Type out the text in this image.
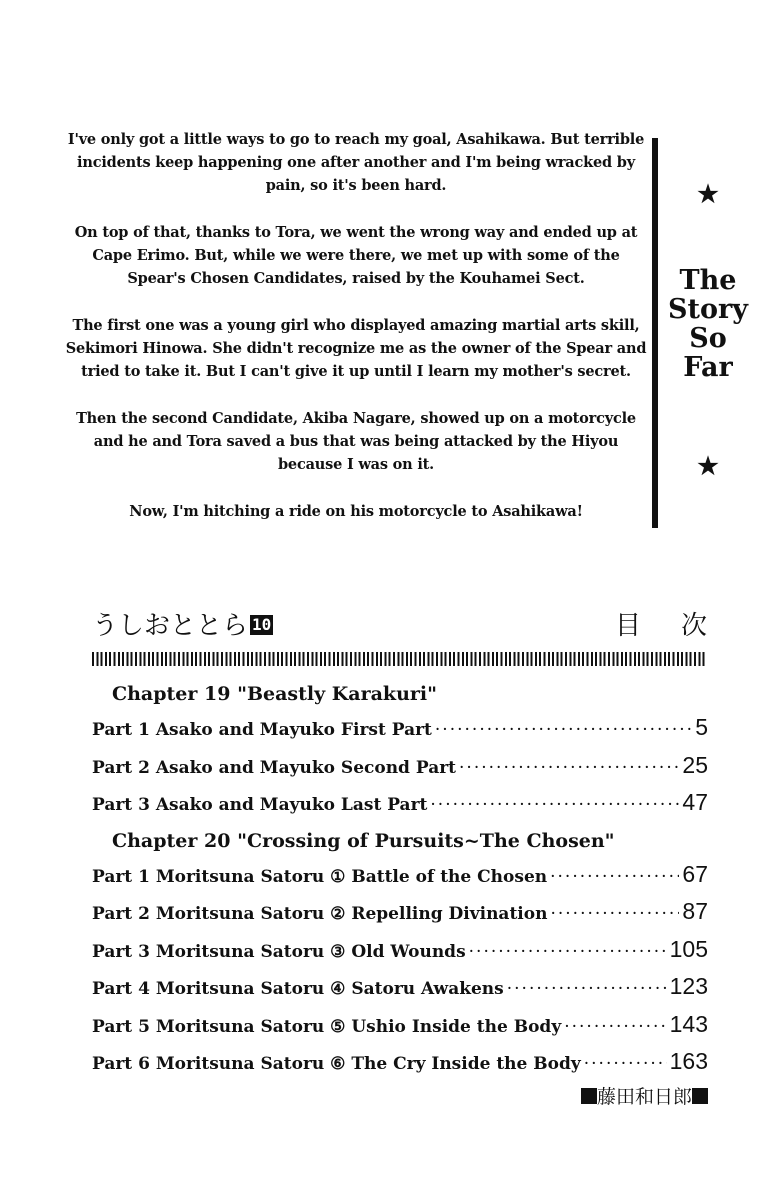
I've only got a little ways to go to reach my goal, Asahikawa. But terrible incidents keep happening one after another and I'm being wracked by pain, so it's been hard.

On top of that, thanks to Tora, we went the wrong way and ended up at Cape Erimo. But, while we were there, we met up with some of the Spear's Chosen Candidates, raised by the Kouhamei Sect.

The first one was a young girl who displayed amazing martial arts skill, Sekimori Hinowa. She didn't recognize me as the owner of the Spear and tried to take it. But I can't give it up until I learn my mother's secret.

Then the second Candidate, Akiba Nagare, showed up on a motorcycle and he and Tora saved a bus that was being attacked by the Hiyou because I was on it.

Now, I'm hitching a ride on his motorcycle to Asahikawa!

★
The Story So Far
★
うしおととら 10	目次
Chapter 19 "Beastly Karakuri"
Part 1 Asako and Mayuko First Part ·····	5
Part 2 Asako and Mayuko Second Part ·····	25
Part 3 Asako and Mayuko Last Part ·····	47
Chapter 20 "Crossing of Pursuits~The Chosen"
Part 1 Moritsuna Satoru ① Battle of the Chosen ·····	67
Part 2 Moritsuna Satoru ② Repelling Divination ·····	87
Part 3 Moritsuna Satoru ③ Old Wounds ·····	105
Part 4 Moritsuna Satoru ④ Satoru Awakens ·····	123
Part 5 Moritsuna Satoru ⑤ Ushio Inside the Body ·····	143
Part 6 Moritsuna Satoru ⑥ The Cry Inside the Body ·····	163
藤田和日郎
